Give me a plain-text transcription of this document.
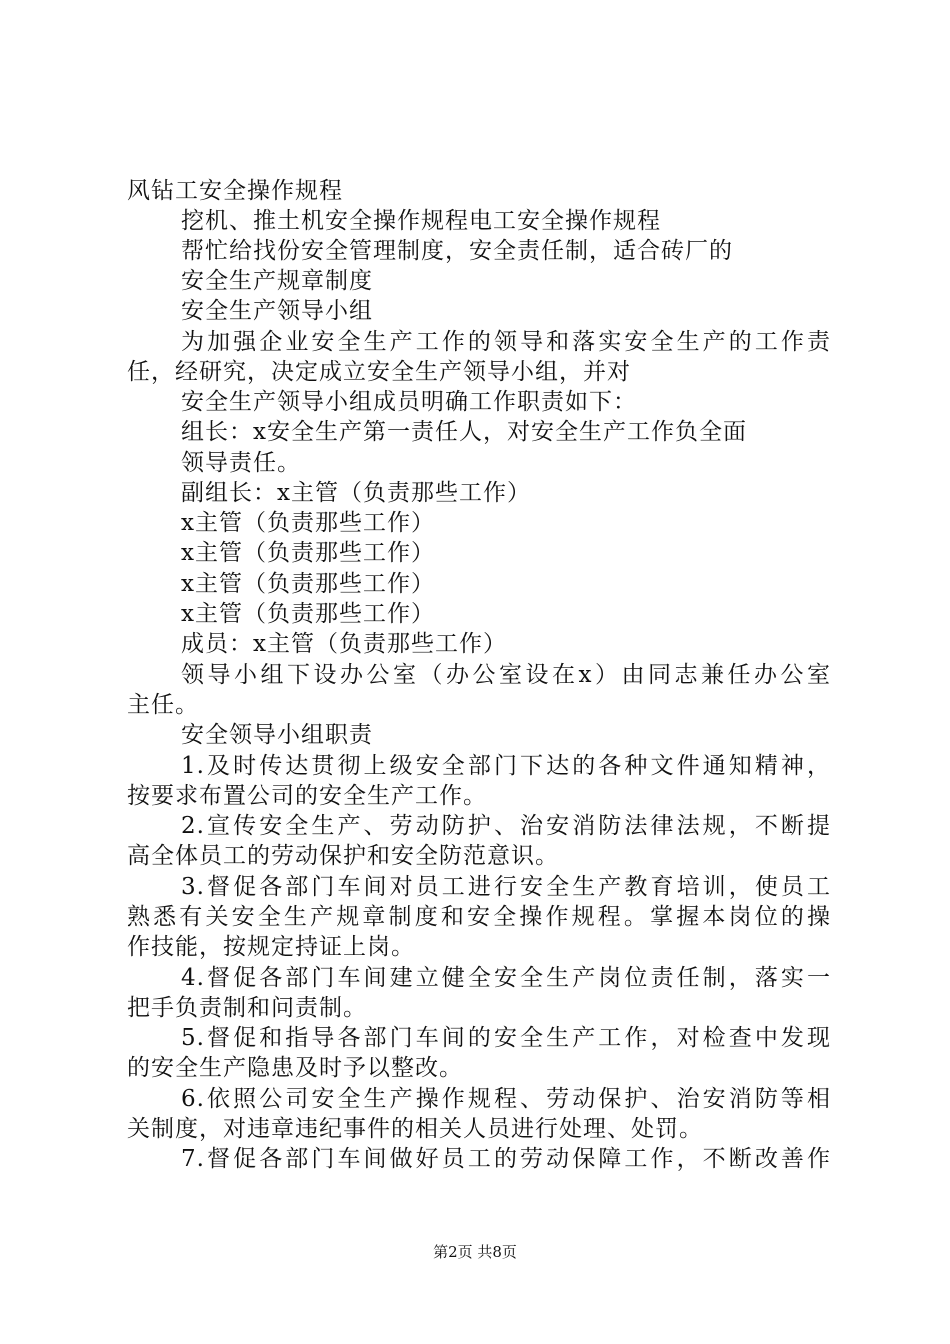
风钻工安全操作规程
挖机、推土机安全操作规程电工安全操作规程
帮忙给找份安全管理制度，安全责任制，适合砖厂的
安全生产规章制度
安全生产领导小组
为加强企业安全生产工作的领导和落实安全生产的工作责
任，经研究，决定成立安全生产领导小组，并对
安全生产领导小组成员明确工作职责如下：
组长：x安全生产第一责任人，对安全生产工作负全面
领导责任。
副组长：x主管（负责那些工作）
x主管（负责那些工作）
x主管（负责那些工作）
x主管（负责那些工作）
x主管（负责那些工作）
成员：x主管（负责那些工作）
领导小组下设办公室（办公室设在x）由同志兼任办公室
主任。
安全领导小组职责
1.及时传达贯彻上级安全部门下达的各种文件通知精神，
按要求布置公司的安全生产工作。
2.宣传安全生产、劳动防护、治安消防法律法规，不断提
高全体员工的劳动保护和安全防范意识。
3.督促各部门车间对员工进行安全生产教育培训，使员工
熟悉有关安全生产规章制度和安全操作规程。掌握本岗位的操
作技能，按规定持证上岗。
4.督促各部门车间建立健全安全生产岗位责任制，落实一
把手负责制和问责制。
5.督促和指导各部门车间的安全生产工作，对检查中发现
的安全生产隐患及时予以整改。
6.依照公司安全生产操作规程、劳动保护、治安消防等相
关制度，对违章违纪事件的相关人员进行处理、处罚。
7.督促各部门车间做好员工的劳动保障工作，不断改善作
第2页 共8页
